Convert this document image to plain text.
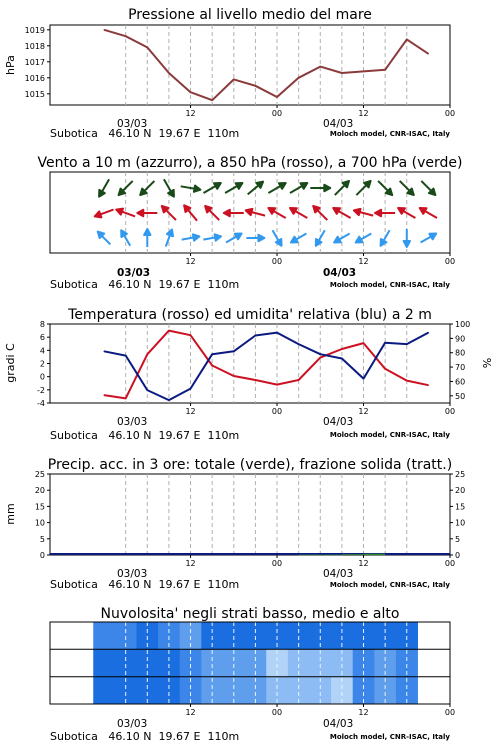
Pressione al livello medio del mare
1015
1016
1017
1018
1019
12	00	12	00
hPa
03/03	04/03
Subotica   46.10 N  19.67 E  110m	Moloch model, CNR-ISAC, Italy
Vento a 10 m (azzurro), a 850 hPa (rosso), a 700 hPa (verde)
12	00	12	00
03/03	04/03
Subotica   46.10 N  19.67 E  110m	Moloch model, CNR-ISAC, Italy
Temperatura (rosso) ed umidita' relativa (blu) a 2 m
-4
-2
0
2
4
6
8
50
60
70
80
90
100
12	00	12	00
gradi C	%
03/03	04/03
Subotica   46.10 N  19.67 E  110m	Moloch model, CNR-ISAC, Italy
Precip. acc. in 3 ore: totale (verde), frazione solida (tratt.)
0
5
10
15
20
25
0
5
10
15
20
25
12	00	12	00
mm
03/03	04/03
Subotica   46.10 N  19.67 E  110m	Moloch model, CNR-ISAC, Italy
Nuvolosita' negli strati basso, medio e alto
12	00	12	00
03/03	04/03
Subotica   46.10 N  19.67 E  110m	Moloch model, CNR-ISAC, Italy
